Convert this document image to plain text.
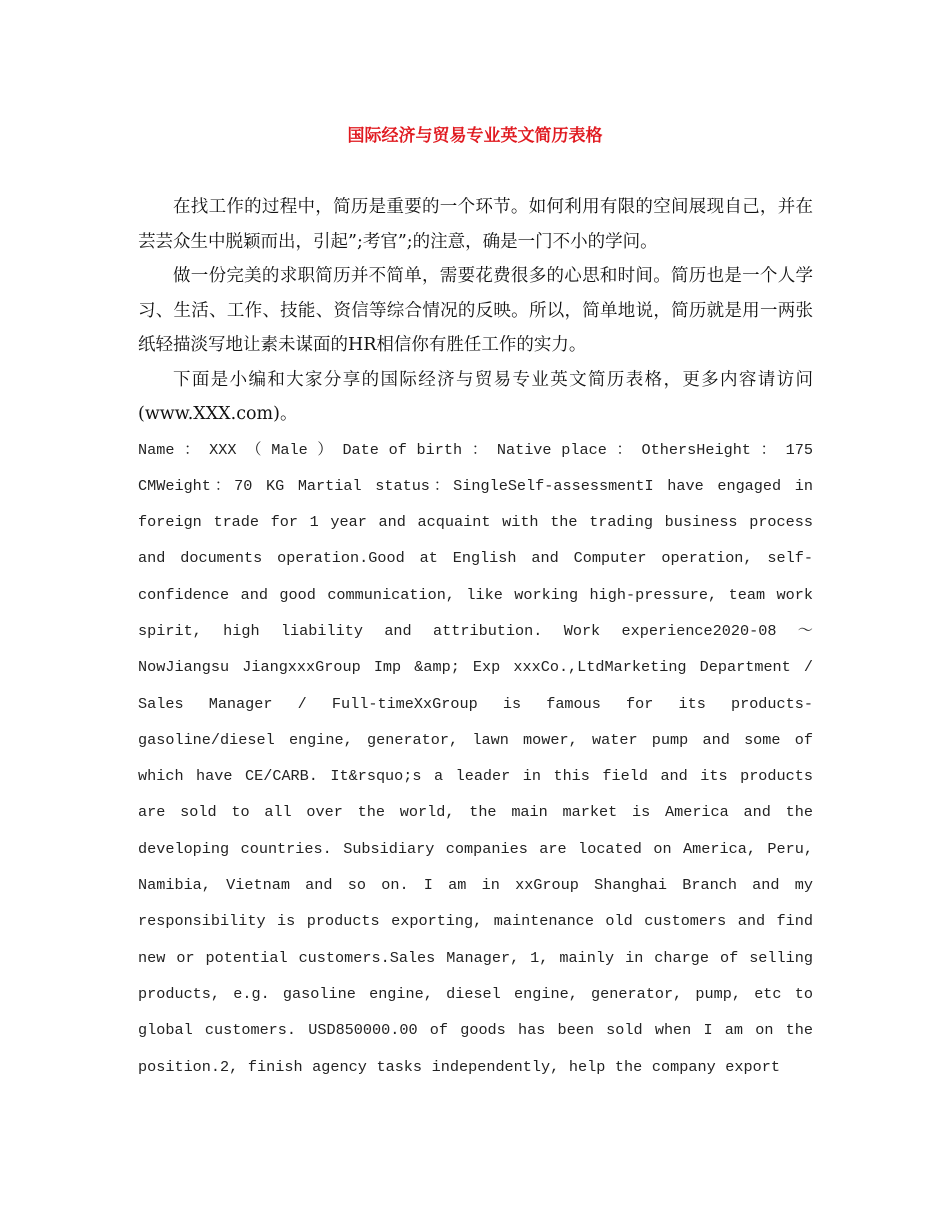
国际经济与贸易专业英文简历表格

在找工作的过程中，简历是重要的一个环节。如何利用有限的空间展现自己，并在芸芸众生中脱颖而出，引起”;考官”;的注意，确是一门不小的学问。

做一份完美的求职简历并不简单，需要花费很多的心思和时间。简历也是一个人学习、生活、工作、技能、资信等综合情况的反映。所以，简单地说，简历就是用一两张纸轻描淡写地让素未谋面的HR相信你有胜任工作的实力。

下面是小编和大家分享的国际经济与贸易专业英文简历表格，更多内容请访问(www.XXX.com)。

Name ： XXX （ Male ） Date of birth ： Native place ： OthersHeight ： 175 CMWeight：70 KG Martial status：SingleSelf-assessmentI have engaged in foreign trade for 1 year and acquaint with the trading business process and documents operation.Good at English and Computer operation, self-confidence and good communication, like working high-pressure, team work spirit, high liability and attribution. Work experience2020-08 ～ NowJiangsu JiangxxxGroup Imp &amp; Exp xxxCo.,LtdMarketing Department / Sales Manager / Full-timeXxGroup is famous for its products-gasoline/diesel engine, generator, lawn mower, water pump and some of which have CE/CARB. It&rsquo;s a leader in this field and its products are sold to all over the world, the main market is America and the developing countries. Subsidiary companies are located on America, Peru, Namibia, Vietnam and so on. I am in xxGroup Shanghai Branch and my responsibility is products exporting, maintenance old customers and find new or potential customers.Sales Manager, 1, mainly in charge of selling products, e.g. gasoline engine, diesel engine, generator, pump, etc to global customers. USD850000.00 of goods has been sold when I am on the position.2, finish agency tasks independently, help the company export
